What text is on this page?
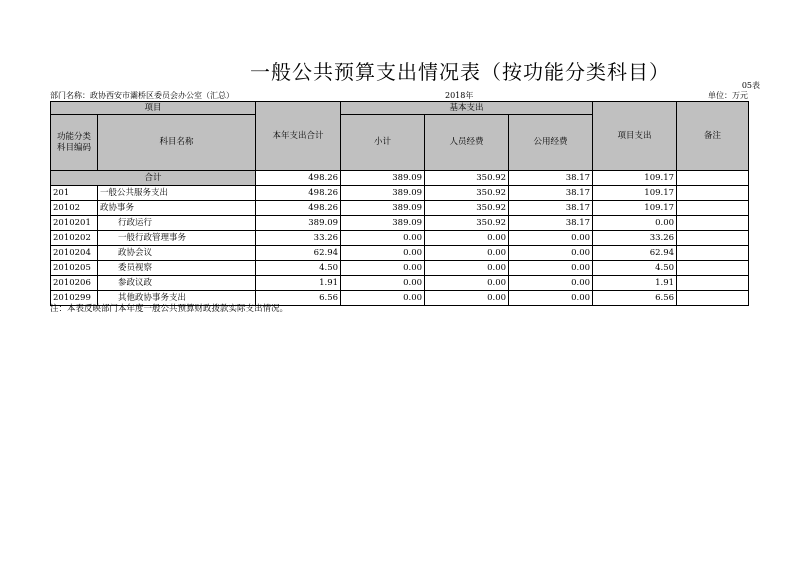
一般公共预算支出情况表（按功能分类科目）
05表
部门名称：政协西安市灞桥区委员会办公室（汇总）	2018年	单位：万元
项目		本年支出合计	基本支出			项目支出	备注
功能分类科目编码	科目名称		小计	人员经费	公用经费		
合计		498.26	389.09	350.92	38.17	109.17	
201	一般公共服务支出	498.26	389.09	350.92	38.17	109.17	
20102	政协事务	498.26	389.09	350.92	38.17	109.17	
2010201	行政运行	389.09	389.09	350.92	38.17	0.00	
2010202	一般行政管理事务	33.26	0.00	0.00	0.00	33.26	
2010204	政协会议	62.94	0.00	0.00	0.00	62.94	
2010205	委员视察	4.50	0.00	0.00	0.00	4.50	
2010206	参政议政	1.91	0.00	0.00	0.00	1.91	
2010299	其他政协事务支出	6.56	0.00	0.00	0.00	6.56	
注：本表反映部门本年度一般公共预算财政拨款实际支出情况。
